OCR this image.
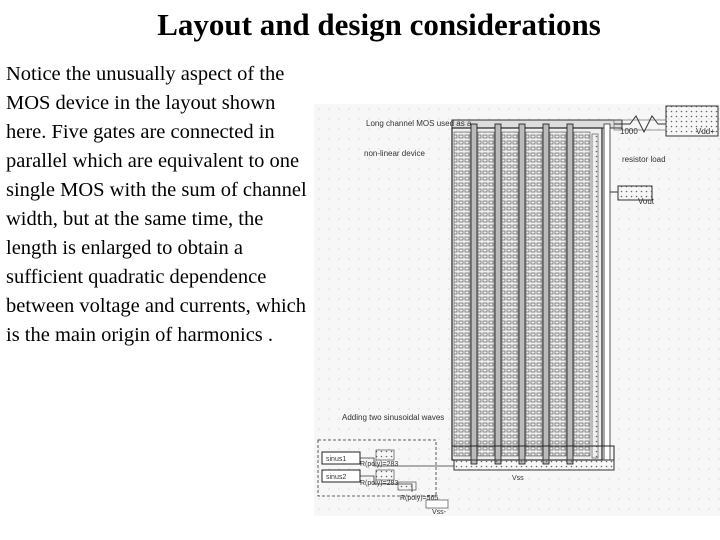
Layout and design considerations
Notice the unusually aspect of the MOS device in the layout shown here. Five gates are connected in parallel which are equivalent to one single MOS with the sum of channel width, but at the same time, the length is enlarged to obtain a sufficient quadratic dependence between voltage and currents, which is the main origin of harmonics .
Long channel MOS used as a
non-linear device
1000	Vdd+
resistor load
Vout
Adding two sinusoidal waves
sinus1
sinus2
R(poly)=283
R(poly)=283
R(poly)=565
Vss
Vss-
